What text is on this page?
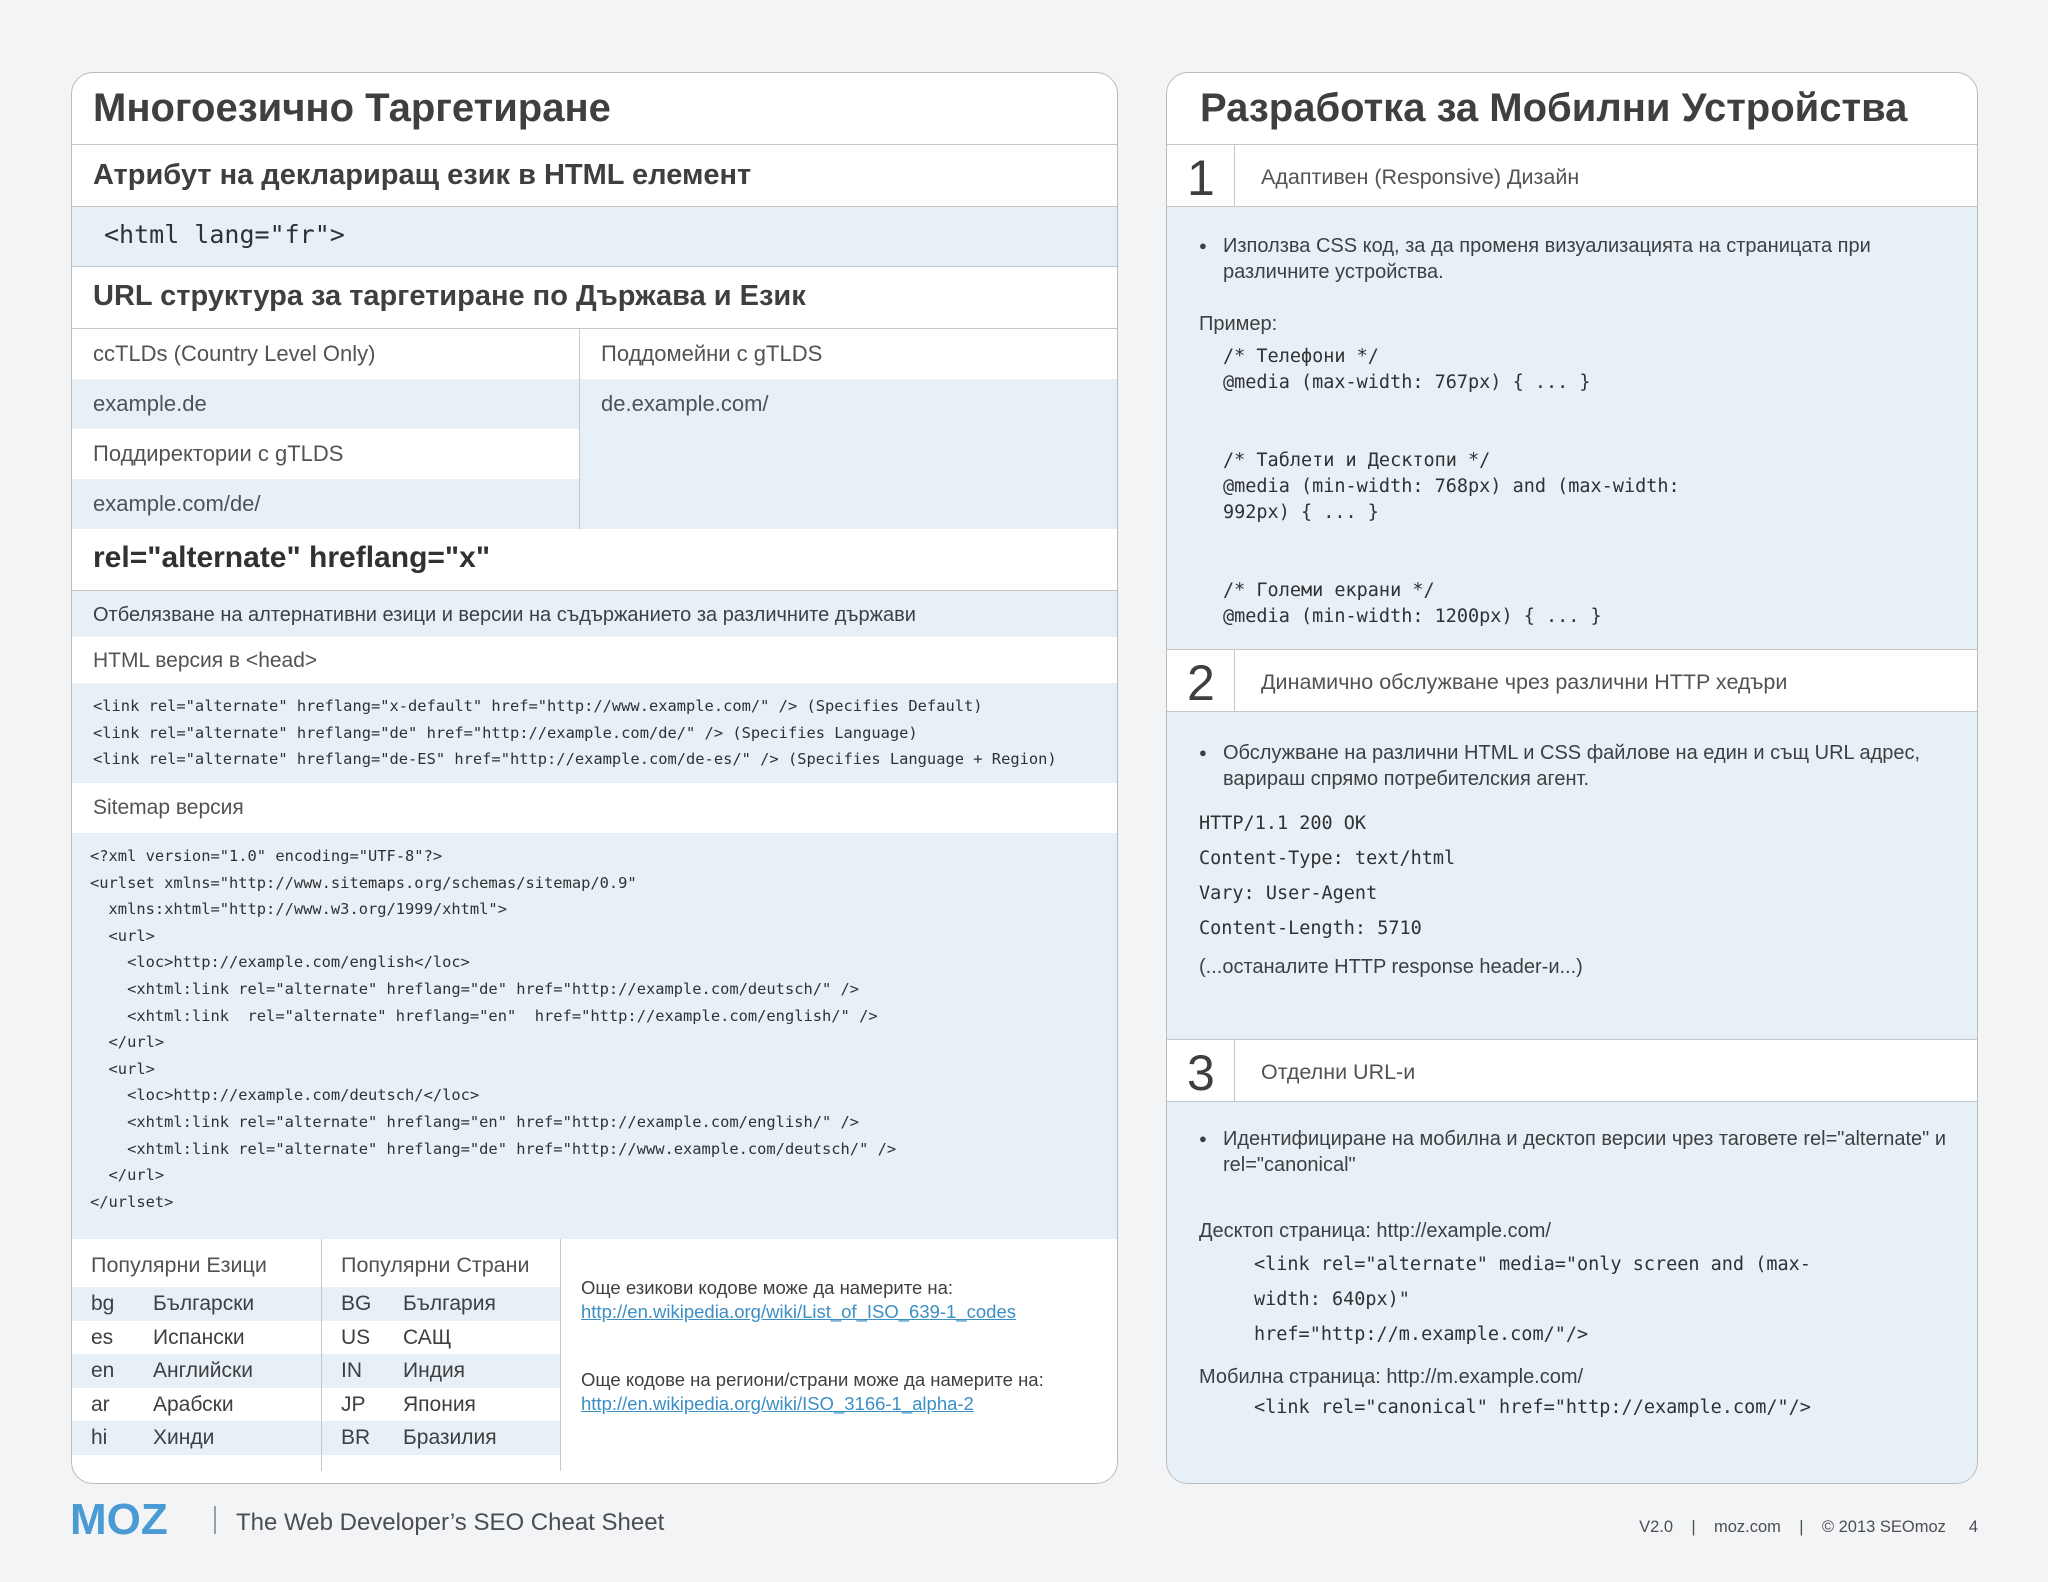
Многоезично Таргетиране
Атрибут на деклариращ език в HTML елемент
<html lang="fr">
URL структура за таргетиране по Държава и Език
ccTLDs (Country Level Only)
example.de
Поддиректории с gTLDS
example.com/de/
Поддомейни с gTLDS
de.example.com/
rel="alternate" hreflang="x"
Отбелязване на алтернативни езици и версии на съдържанието за различните държави
HTML версия в <head>
<link rel="alternate" hreflang="x-default" href="http://www.example.com/" /> (Specifies Default)
<link rel="alternate" hreflang="de" href="http://example.com/de/" /> (Specifies Language)
<link rel="alternate" hreflang="de-ES" href="http://example.com/de-es/" /> (Specifies Language + Region)
Sitemap версия
<?xml version="1.0" encoding="UTF-8"?>
<urlset xmlns="http://www.sitemaps.org/schemas/sitemap/0.9"
xmlns:xhtml="http://www.w3.org/1999/xhtml">
<url>
<loc>http://example.com/english</loc>
<xhtml:link rel="alternate" hreflang="de" href="http://example.com/deutsch/" />
<xhtml:link  rel="alternate" hreflang="en"  href="http://example.com/english/" />
</url>
<url>
<loc>http://example.com/deutsch/</loc>
<xhtml:link rel="alternate" hreflang="en" href="http://example.com/english/" />
<xhtml:link rel="alternate" hreflang="de" href="http://www.example.com/deutsch/" />
</url>
</urlset>
Популярни Езици
bg	Български
es	Испански
en	Английски
ar	Арабски
hi	Хинди
Популярни Страни
BG	България
US	САЩ
IN	Индия
JP	Япония
BR	Бразилия
Още езикови кодове може да намерите на:
http://en.wikipedia.org/wiki/List_of_ISO_639-1_codes
Още кодове на региони/страни може да намерите на:
http://en.wikipedia.org/wiki/ISO_3166-1_alpha-2
Разработка за Мобилни Устройства
1	Адаптивен (Responsive) Дизайн
● Използва CSS код, за да променя визуализацията на страницата при различните устройства.
Пример:
/* Телефони */
@media (max-width: 767px) { ... }

/* Таблети и Десктопи */
@media (min-width: 768px) and (max-width:
992px) { ... }

/* Големи екрани */
@media (min-width: 1200px) { ... }
2	Динамично обслужване чрез различни HTTP хедъри
● Обслужване на различни HTML и CSS файлове на един и същ URL адрес, варираш спрямо потребителския агент.
HTTP/1.1 200 OK
Content-Type: text/html
Vary: User-Agent
Content-Length: 5710
(...останалите HTTP response header-и...)
3	Отделни URL-и
● Идентифициране на мобилна и десктоп версии чрез таговете rel="alternate" и rel="canonical"
Десктоп страница: http://example.com/
<link rel="alternate" media="only screen and (max-
width: 640px)"
href="http://m.example.com/"/>
Мобилна страница: http://m.example.com/
<link rel="canonical" href="http://example.com/"/>
MOZ	The Web Developer’s SEO Cheat Sheet	V2.0    |    moz.com    |    © 2013 SEOmoz     4
